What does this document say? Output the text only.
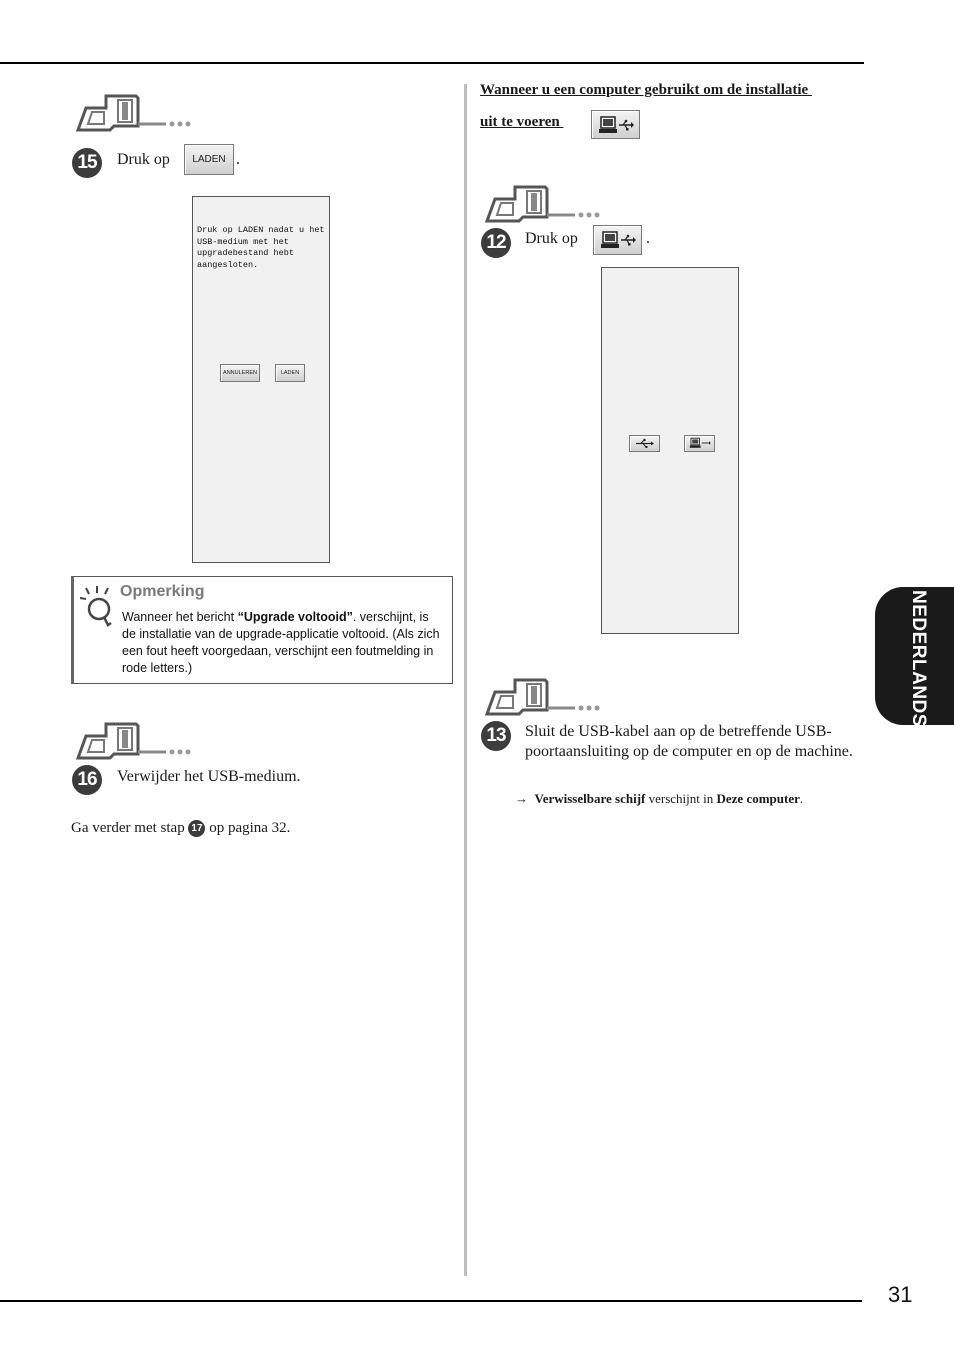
15	Druk op	LADEN .
Druk op LADEN nadat u het USB-medium met het upgradebestand hebt aangesloten.
ANNULEREN	LADEN
Opmerking
Wanneer het bericht “Upgrade voltooid”. verschijnt, is de installatie van de upgrade-applicatie voltooid. (Als zich een fout heeft voorgedaan, verschijnt een foutmelding in rode letters.)
16	Verwijder het USB-medium.
Ga verder met stap 17 op pagina 32.
Wanneer u een computer gebruikt om de installatie
uit te voeren
12	Druk op	.
13	Sluit de USB-kabel aan op de betreffende USB-poortaansluiting op de computer en op de machine.
→ Verwisselbare schijf verschijnt in Deze computer.
NEDERLANDS
31
